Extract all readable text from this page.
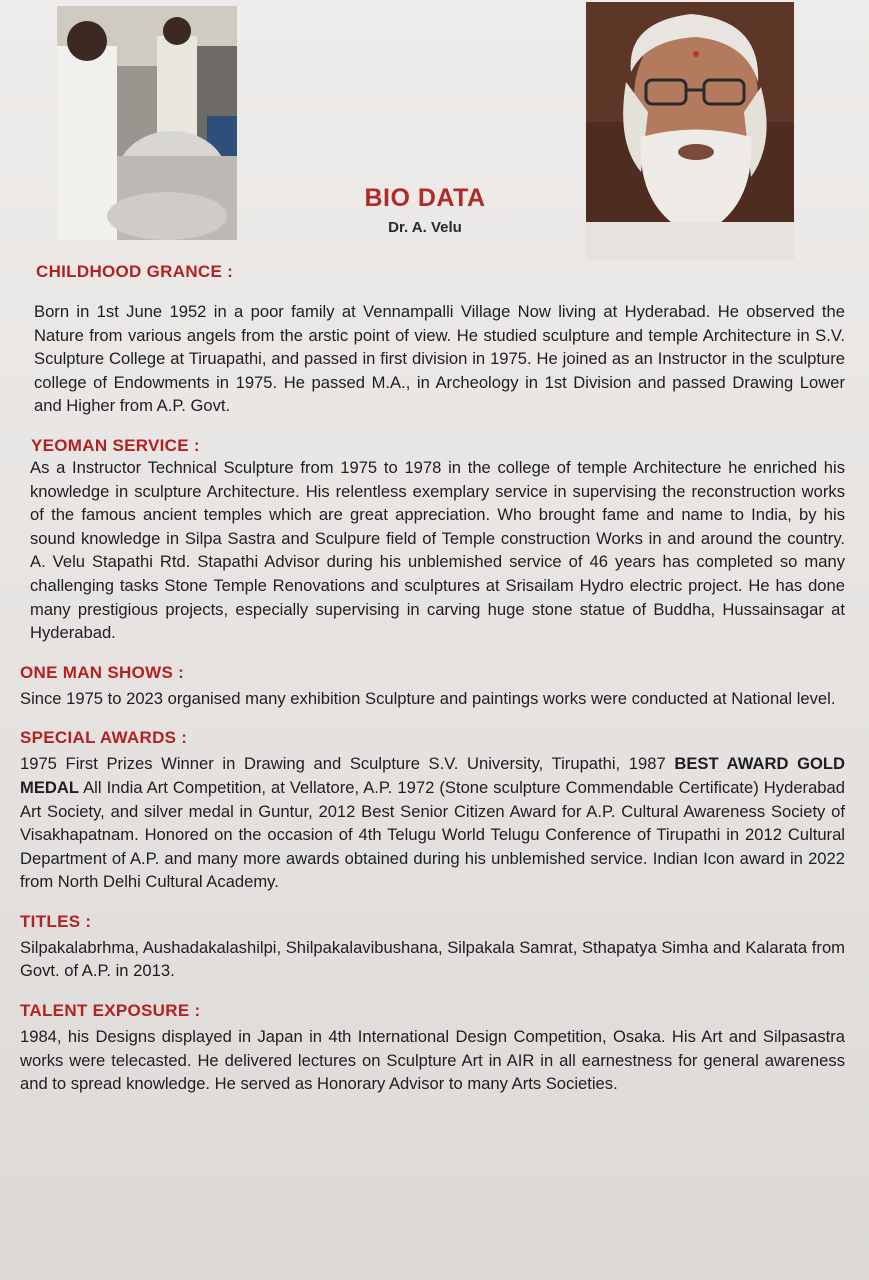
BIO DATA
Dr. A. Velu
CHILDHOOD GRANCE :

Born in 1st June 1952 in a poor family at Vennampalli Village Now living at Hyderabad. He observed the Nature from various angels from the arstic point of view. He studied sculpture and temple Architecture in S.V. Sculpture College at Tiruapathi, and passed in first division in 1975. He joined as an Instructor in the sculpture college of Endowments in 1975. He passed M.A., in Archeology in 1st Division and passed Drawing Lower and Higher from A.P. Govt.

YEOMAN SERVICE :

As a Instructor Technical Sculpture from 1975 to 1978 in the college of temple Architecture he enriched his knowledge in sculpture Architecture. His relentless exemplary service in supervising the reconstruction works of the famous ancient temples which are great appreciation. Who brought fame and name to India, by his sound knowledge in Silpa Sastra and Sculpure field of Temple construction Works in and around the country. A. Velu Stapathi Rtd. Stapathi Advisor during his unblemished service of 46 years has completed so many challenging tasks Stone Temple Renovations and sculptures at Srisailam Hydro electric project. He has done many prestigious projects, especially supervising in carving huge stone statue of Buddha, Hussainsagar at Hyderabad.

ONE MAN SHOWS :

Since 1975 to 2023 organised many exhibition Sculpture and paintings works were conducted at National level.

SPECIAL AWARDS :

1975 First Prizes Winner in Drawing and Sculpture S.V. University, Tirupathi, 1987 BEST AWARD GOLD MEDAL All India Art Competition, at Vellatore, A.P. 1972 (Stone sculpture Commendable Certificate) Hyderabad Art Society, and silver medal in Guntur, 2012 Best Senior Citizen Award for A.P. Cultural Awareness Society of Visakhapatnam. Honored on the occasion of 4th Telugu World Telugu Conference of Tirupathi in 2012 Cultural Department of A.P. and many more awards obtained during his unblemished service. Indian Icon award in 2022 from North Delhi Cultural Academy.

TITLES :

Silpakalabrhma, Aushadakalashilpi, Shilpakalavibushana, Silpakala Samrat, Sthapatya Simha and Kalarata from Govt. of A.P. in 2013.

TALENT EXPOSURE :

1984, his Designs displayed in Japan in 4th International Design Competition, Osaka. His Art and Silpasastra works were telecasted. He delivered lectures on Sculpture Art in AIR in all earnestness for general awareness and to spread knowledge. He served as Honorary Advisor to many Arts Societies.
